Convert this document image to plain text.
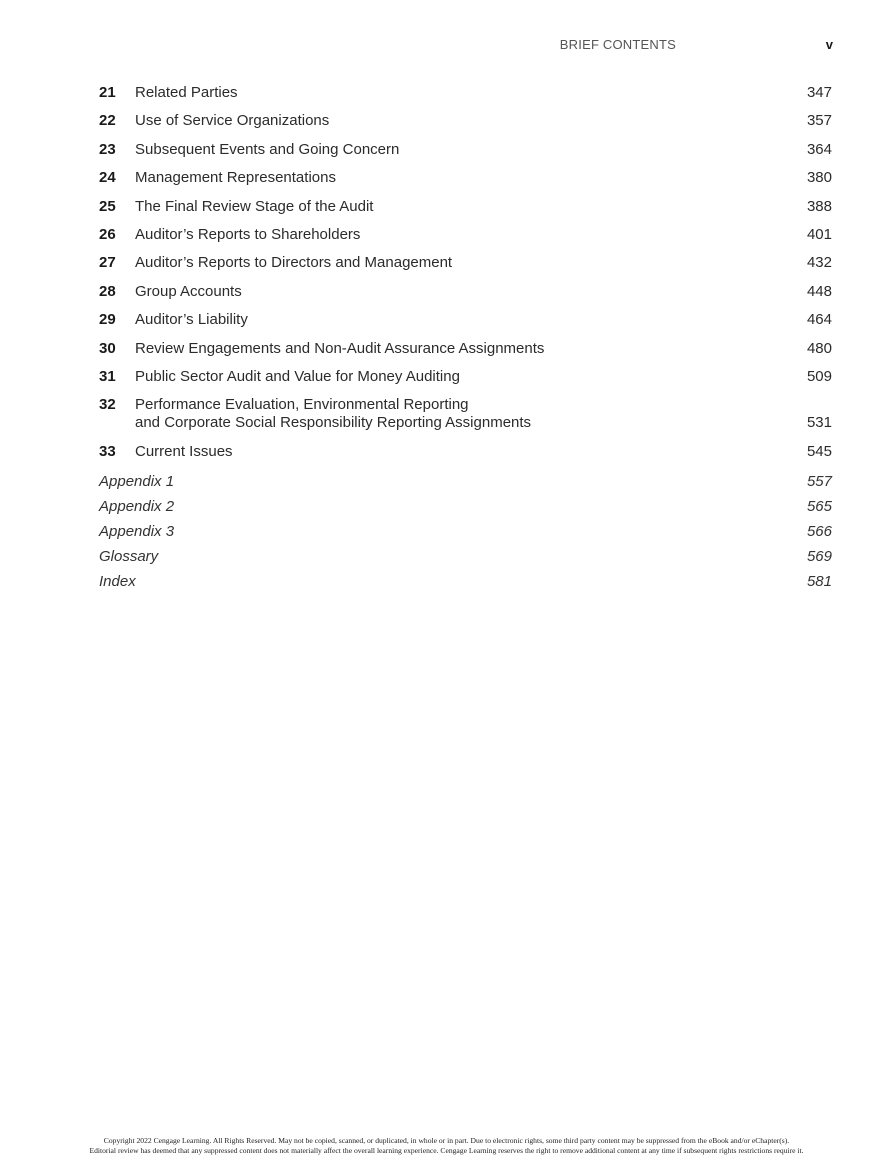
BRIEF CONTENTS	v
21	Related Parties	347
22	Use of Service Organizations	357
23	Subsequent Events and Going Concern	364
24	Management Representations	380
25	The Final Review Stage of the Audit	388
26	Auditor’s Reports to Shareholders	401
27	Auditor’s Reports to Directors and Management	432
28	Group Accounts	448
29	Auditor’s Liability	464
30	Review Engagements and Non-Audit Assurance Assignments	480
31	Public Sector Audit and Value for Money Auditing	509
32	Performance Evaluation, Environmental Reporting
and Corporate Social Responsibility Reporting Assignments	531
33	Current Issues	545
Appendix 1	557
Appendix 2	565
Appendix 3	566
Glossary	569
Index	581
Copyright 2022 Cengage Learning. All Rights Reserved. May not be copied, scanned, or duplicated, in whole or in part. Due to electronic rights, some third party content may be suppressed from the eBook and/or eChapter(s).
Editorial review has deemed that any suppressed content does not materially affect the overall learning experience. Cengage Learning reserves the right to remove additional content at any time if subsequent rights restrictions require it.
